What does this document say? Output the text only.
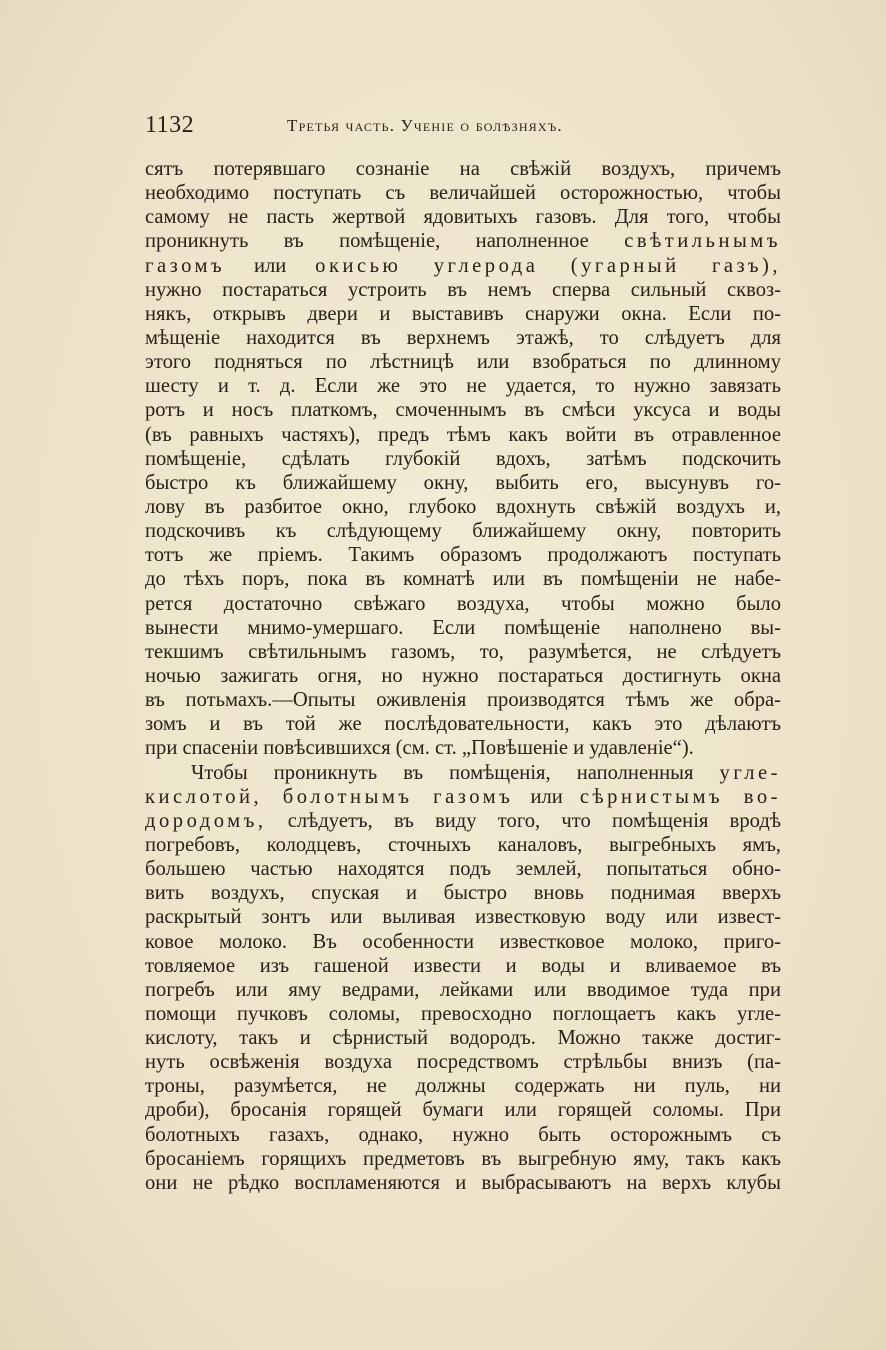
1132	Третья часть. Ученіе о болѣзняхъ.
сятъ потерявшаго сознаніе на свѣжій воздухъ, причемъ
необходимо поступать съ величайшей осторожностью, чтобы
самому не пасть жертвой ядовитыхъ газовъ. Для того, чтобы
проникнуть въ помѣщеніе, наполненное свѣтильнымъ
газомъ или окисью углерода (угарный газъ),
нужно постараться устроить въ немъ сперва сильный сквоз-
някъ, открывъ двери и выставивъ снаружи окна. Если по-
мѣщеніе находится въ верхнемъ этажѣ, то слѣдуетъ для
этого подняться по лѣстницѣ или взобраться по длинному
шесту и т. д. Если же это не удается, то нужно завязать
ротъ и носъ платкомъ, смоченнымъ въ смѣси уксуса и воды
(въ равныхъ частяхъ), предъ тѣмъ какъ войти въ отравленное
помѣщеніе, сдѣлать глубокій вдохъ, затѣмъ подскочить
быстро къ ближайшему окну, выбить его, высунувъ го-
лову въ разбитое окно, глубоко вдохнуть свѣжій воздухъ и,
подскочивъ къ слѣдующему ближайшему окну, повторить
тотъ же пріемъ. Такимъ образомъ продолжаютъ поступать
до тѣхъ поръ, пока въ комнатѣ или въ помѣщеніи не набе-
рется достаточно свѣжаго воздуха, чтобы можно было
вынести мнимо-умершаго. Если помѣщеніе наполнено вы-
текшимъ свѣтильнымъ газомъ, то, разумѣется, не слѣдуетъ
ночью зажигать огня, но нужно постараться достигнуть окна
въ потьмахъ.—Опыты оживленія производятся тѣмъ же обра-
зомъ и въ той же послѣдовательности, какъ это дѣлаютъ
при спасеніи повѣсившихся (см. ст. „Повѣшеніе и удавленіе“).
Чтобы проникнуть въ помѣщенія, наполненныя угле-
кислотой, болотнымъ газомъ или сѣрнистымъ во-
дородомъ, слѣдуетъ, въ виду того, что помѣщенія вродѣ
погребовъ, колодцевъ, сточныхъ каналовъ, выгребныхъ ямъ,
большею частью находятся подъ землей, попытаться обно-
вить воздухъ, спуская и быстро вновь поднимая вверхъ
раскрытый зонтъ или выливая известковую воду или извест-
ковое молоко. Въ особенности известковое молоко, приго-
товляемое изъ гашеной извести и воды и вливаемое въ
погребъ или яму ведрами, лейками или вводимое туда при
помощи пучковъ соломы, превосходно поглощаетъ какъ угле-
кислоту, такъ и сѣрнистый водородъ. Можно также достиг-
нуть освѣженія воздуха посредствомъ стрѣльбы внизъ (па-
троны, разумѣется, не должны содержать ни пуль, ни
дроби), бросанія горящей бумаги или горящей соломы. При
болотныхъ газахъ, однако, нужно быть осторожнымъ съ
бросаніемъ горящихъ предметовъ въ выгребную яму, такъ какъ
они не рѣдко воспламеняются и выбрасываютъ на верхъ клубы
